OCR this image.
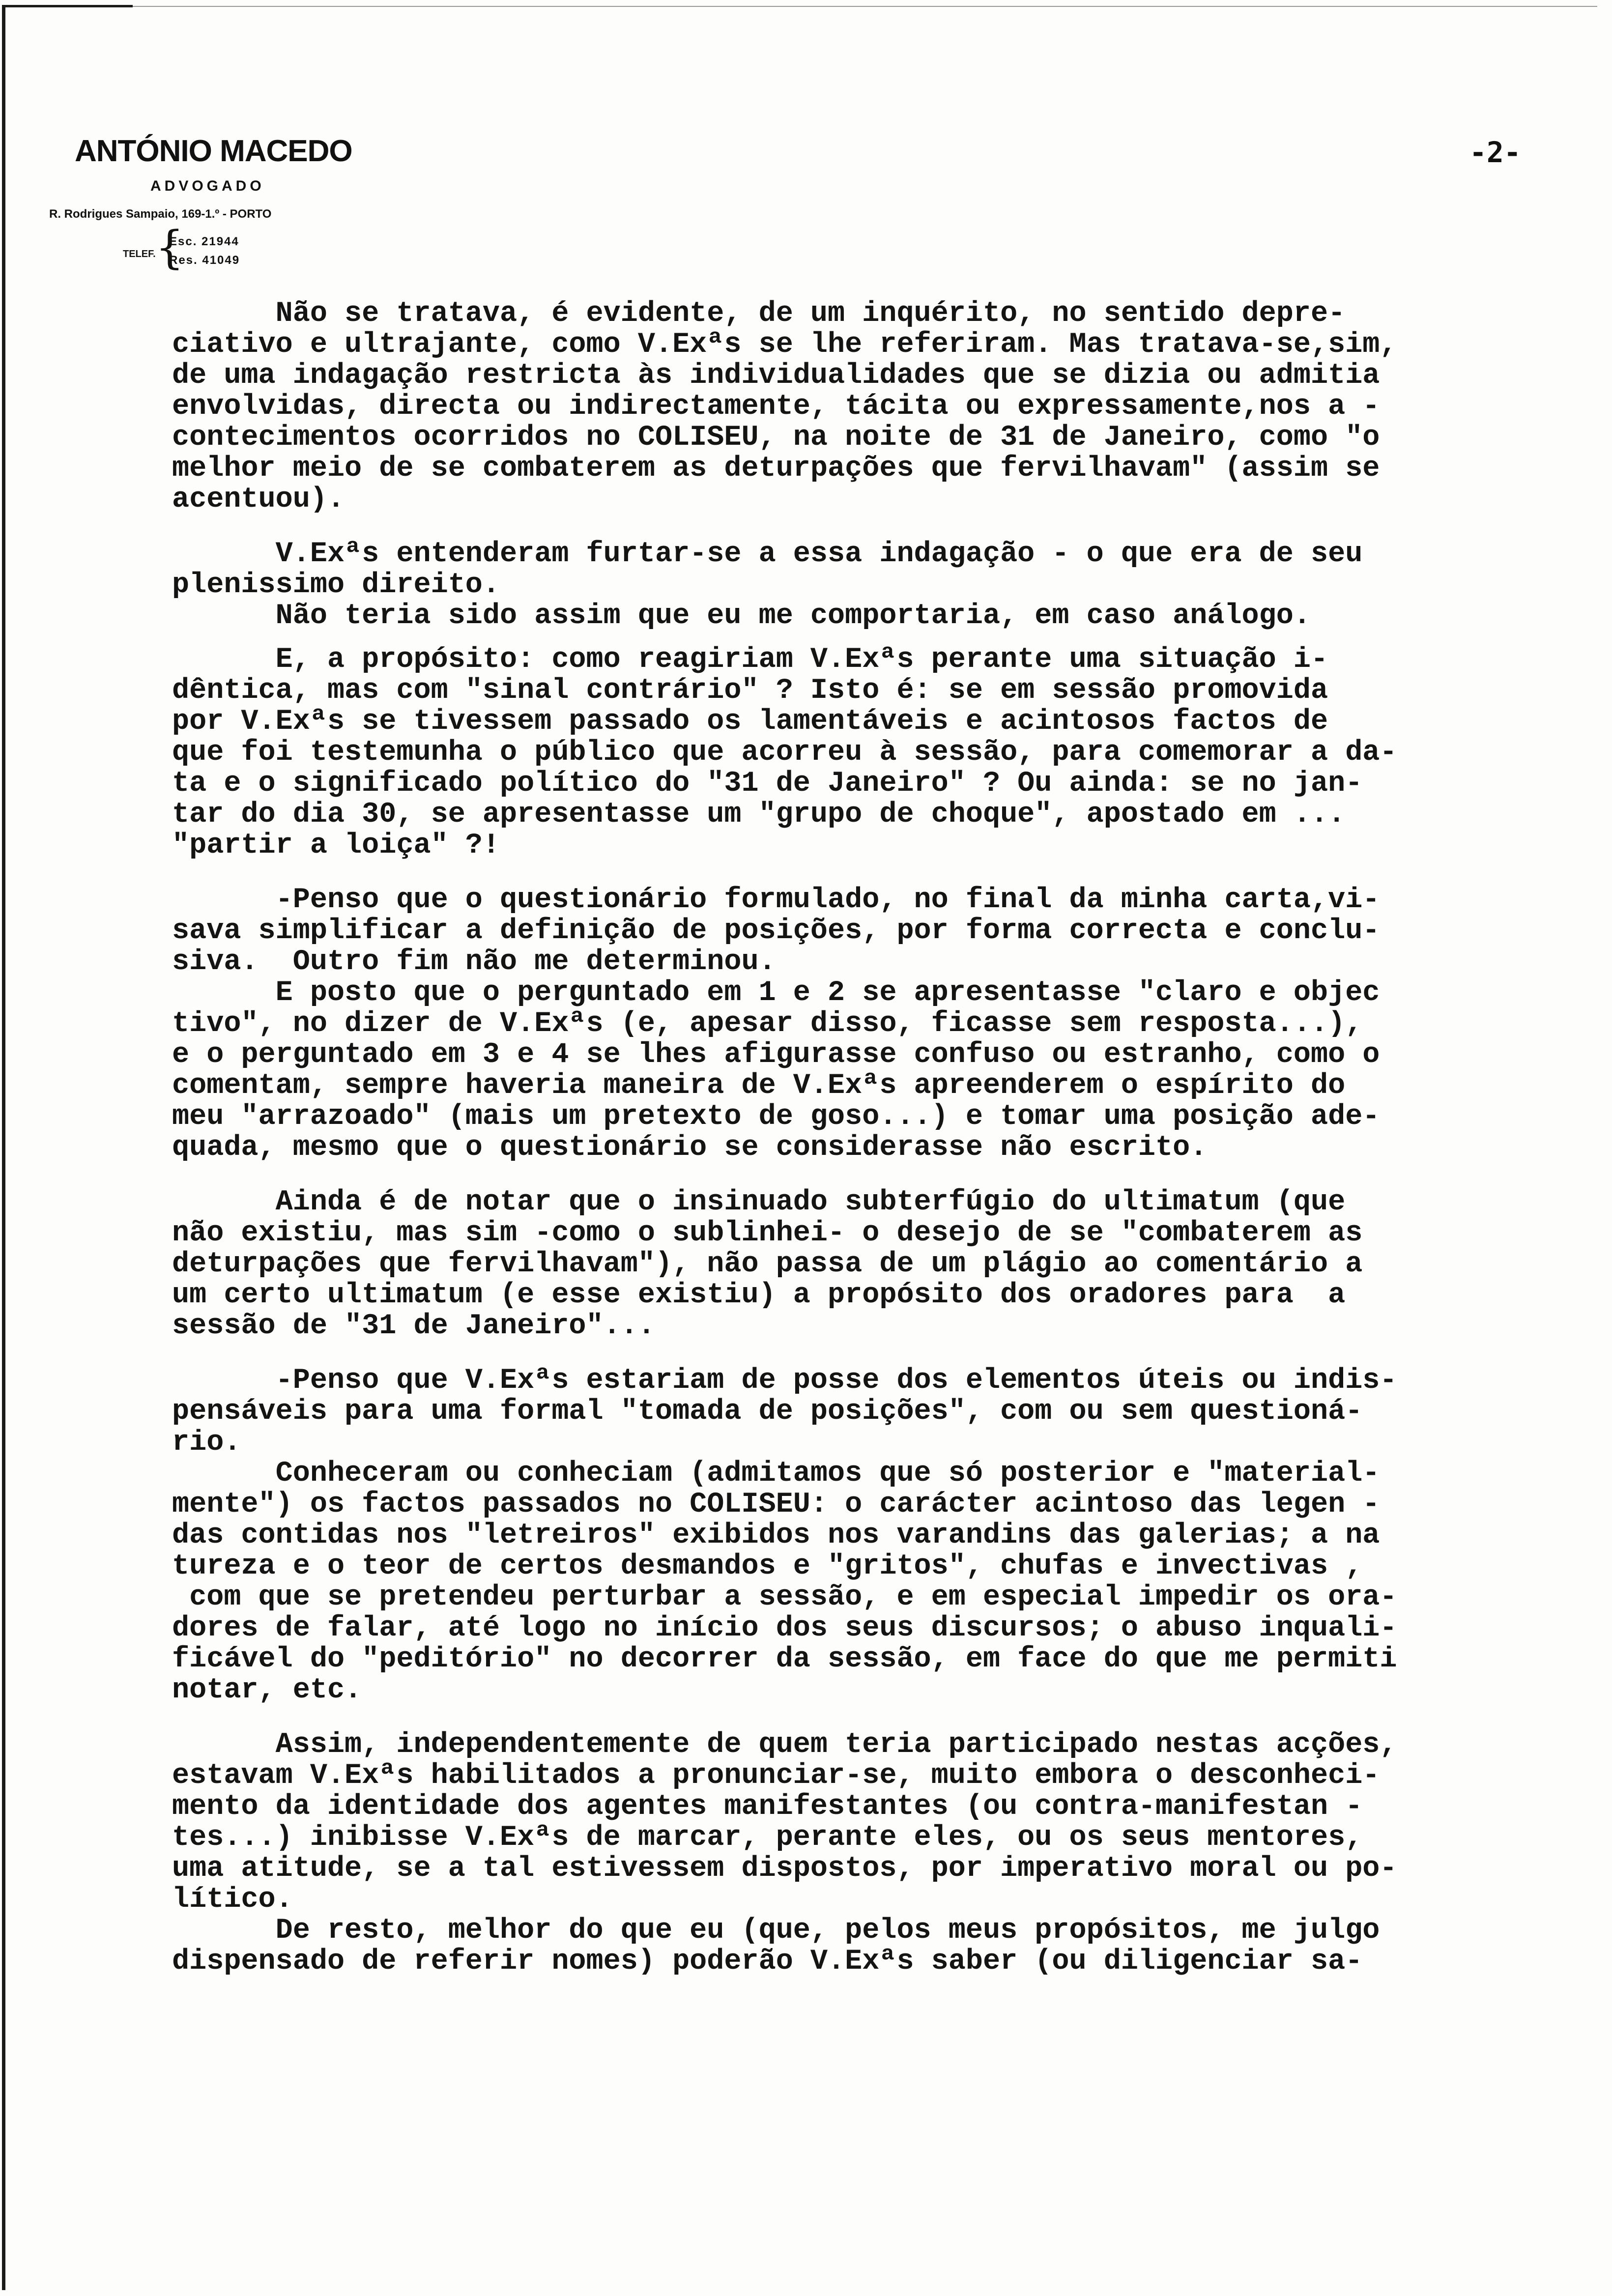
ANTÓNIO MACEDO
ADVOGADO
R. Rodrigues Sampaio, 169-1.º - PORTO
TELEF. {
Esc. 21944
Res. 41049
-2-
Não se tratava, é evidente, de um inquérito, no sentido depre-
ciativo e ultrajante, como V.Exªs se lhe referiram. Mas tratava-se,sim,
de uma indagação restricta às individualidades que se dizia ou admitia
envolvidas, directa ou indirectamente, tácita ou expressamente,nos a -
contecimentos ocorridos no COLISEU, na noite de 31 de Janeiro, como "o
melhor meio de se combaterem as deturpações que fervilhavam" (assim se
acentuou).
V.Exªs entenderam furtar-se a essa indagação - o que era de seu
plenissimo direito.
Não teria sido assim que eu me comportaria, em caso análogo.
E, a propósito: como reagiriam V.Exªs perante uma situação i-
dêntica, mas com "sinal contrário" ? Isto é: se em sessão promovida
por V.Exªs se tivessem passado os lamentáveis e acintosos factos de
que foi testemunha o público que acorreu à sessão, para comemorar a da-
ta e o significado político do "31 de Janeiro" ? Ou ainda: se no jan-
tar do dia 30, se apresentasse um "grupo de choque", apostado em ...
"partir a loiça" ?!
-Penso que o questionário formulado, no final da minha carta,vi-
sava simplificar a definição de posições, por forma correcta e conclu-
siva.  Outro fim não me determinou.
E posto que o perguntado em 1 e 2 se apresentasse "claro e objec
tivo", no dizer de V.Exªs (e, apesar disso, ficasse sem resposta...),
e o perguntado em 3 e 4 se lhes afigurasse confuso ou estranho, como o
comentam, sempre haveria maneira de V.Exªs apreenderem o espírito do
meu "arrazoado" (mais um pretexto de goso...) e tomar uma posição ade-
quada, mesmo que o questionário se considerasse não escrito.
Ainda é de notar que o insinuado subterfúgio do ultimatum (que
não existiu, mas sim -como o sublinhei- o desejo de se "combaterem as
deturpações que fervilhavam"), não passa de um plágio ao comentário a
um certo ultimatum (e esse existiu) a propósito dos oradores para  a
sessão de "31 de Janeiro"...
-Penso que V.Exªs estariam de posse dos elementos úteis ou indis-
pensáveis para uma formal "tomada de posições", com ou sem questioná-
rio.
Conheceram ou conheciam (admitamos que só posterior e "material-
mente") os factos passados no COLISEU: o carácter acintoso das legen -
das contidas nos "letreiros" exibidos nos varandins das galerias; a na
tureza e o teor de certos desmandos e "gritos", chufas e invectivas ,
com que se pretendeu perturbar a sessão, e em especial impedir os ora-
dores de falar, até logo no início dos seus discursos; o abuso inquali-
ficável do "peditório" no decorrer da sessão, em face do que me permiti
notar, etc.
Assim, independentemente de quem teria participado nestas acções,
estavam V.Exªs habilitados a pronunciar-se, muito embora o desconheci-
mento da identidade dos agentes manifestantes (ou contra-manifestan -
tes...) inibisse V.Exªs de marcar, perante eles, ou os seus mentores,
uma atitude, se a tal estivessem dispostos, por imperativo moral ou po-
lítico.
De resto, melhor do que eu (que, pelos meus propósitos, me julgo
dispensado de referir nomes) poderão V.Exªs saber (ou diligenciar sa-
